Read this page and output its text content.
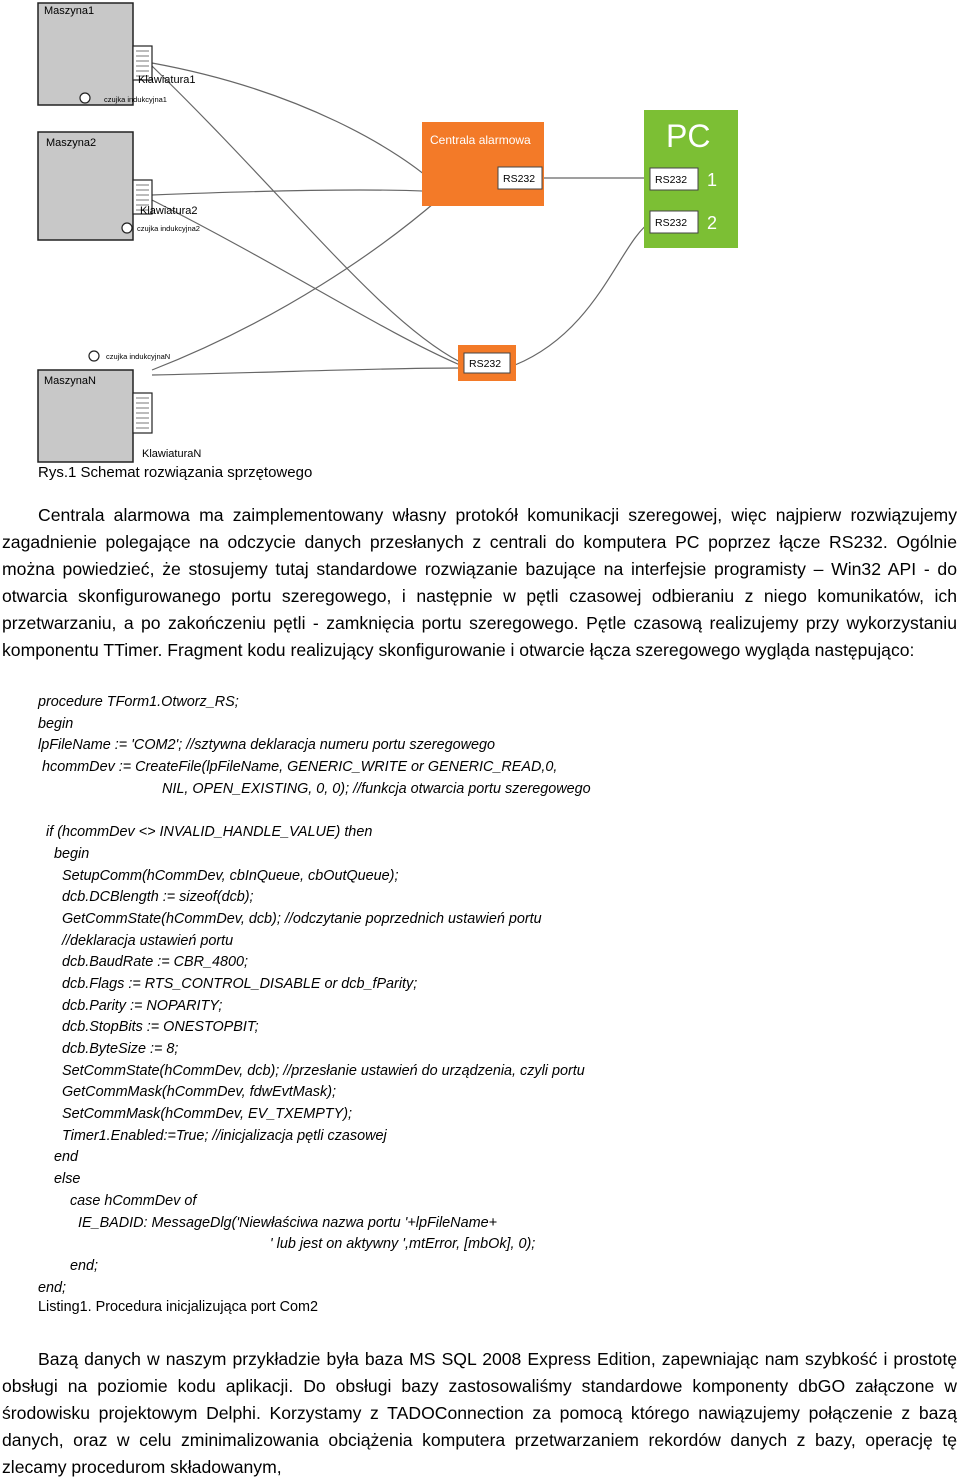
Maszyna1
Klawiatura1
czujka indukcyjna1
Maszyna2
Klawiatura2
czujka indukcyjna2
czujka indukcyjnaN
MaszynaN
KlawiaturaN
Centrala alarmowa
RS232
RS232
PC
RS232 1
RS232 2
Rys.1 Schemat rozwiązania sprzętowego

Centrala alarmowa ma zaimplementowany własny protokół komunikacji szeregowej, więc najpierw rozwiązujemy zagadnienie polegające na odczycie danych przesłanych z centrali do komputera PC poprzez łącze RS232. Ogólnie można powiedzieć, że stosujemy tutaj standardowe rozwiązanie bazujące na interfejsie programisty – Win32 API - do otwarcia skonfigurowanego portu szeregowego, i następnie w pętli czasowej odbieraniu z niego komunikatów, ich przetwarzaniu, a po zakończeniu pętli - zamknięcia portu szeregowego. Pętle czasową realizujemy przy wykorzystaniu komponentu TTimer. Fragment kodu realizujący skonfigurowanie i otwarcie łącza szeregowego wygląda następująco:

procedure TForm1.Otworz_RS;
begin
lpFileName := 'COM2'; //sztywna deklaracja numeru portu szeregowego
hcommDev := CreateFile(lpFileName, GENERIC_WRITE or GENERIC_READ,0,
NIL, OPEN_EXISTING, 0, 0); //funkcja otwarcia portu szeregowego
if (hcommDev <> INVALID_HANDLE_VALUE) then
begin
SetupComm(hCommDev, cbInQueue, cbOutQueue);
dcb.DCBlength := sizeof(dcb);
GetCommState(hCommDev, dcb); //odczytanie poprzednich ustawień portu
//deklaracja ustawień portu
dcb.BaudRate := CBR_4800;
dcb.Flags := RTS_CONTROL_DISABLE or dcb_fParity;
dcb.Parity := NOPARITY;
dcb.StopBits := ONESTOPBIT;
dcb.ByteSize := 8;
SetCommState(hCommDev, dcb); //przesłanie ustawień do urządzenia, czyli portu
GetCommMask(hCommDev, fdwEvtMask);
SetCommMask(hCommDev, EV_TXEMPTY);
Timer1.Enabled:=True; //inicjalizacja pętli czasowej
end
else
case hCommDev of
IE_BADID: MessageDlg('Niewłaściwa nazwa portu '+lpFileName+
' lub jest on aktywny ',mtError, [mbOk], 0);
end;
end;
Listing1. Procedura inicjalizująca port Com2

Bazą danych w naszym przykładzie była baza MS SQL 2008 Express Edition, zapewniając nam szybkość i prostotę obsługi na poziomie kodu aplikacji. Do obsługi bazy zastosowaliśmy standardowe komponenty dbGO załączone w środowisku projektowym Delphi. Korzystamy z TADOConnection za pomocą którego nawiązujemy połączenie z bazą danych, oraz w celu zminimalizowania obciążenia komputera przetwarzaniem rekordów danych z bazy, operację tę zlecamy procedurom składowanym,
